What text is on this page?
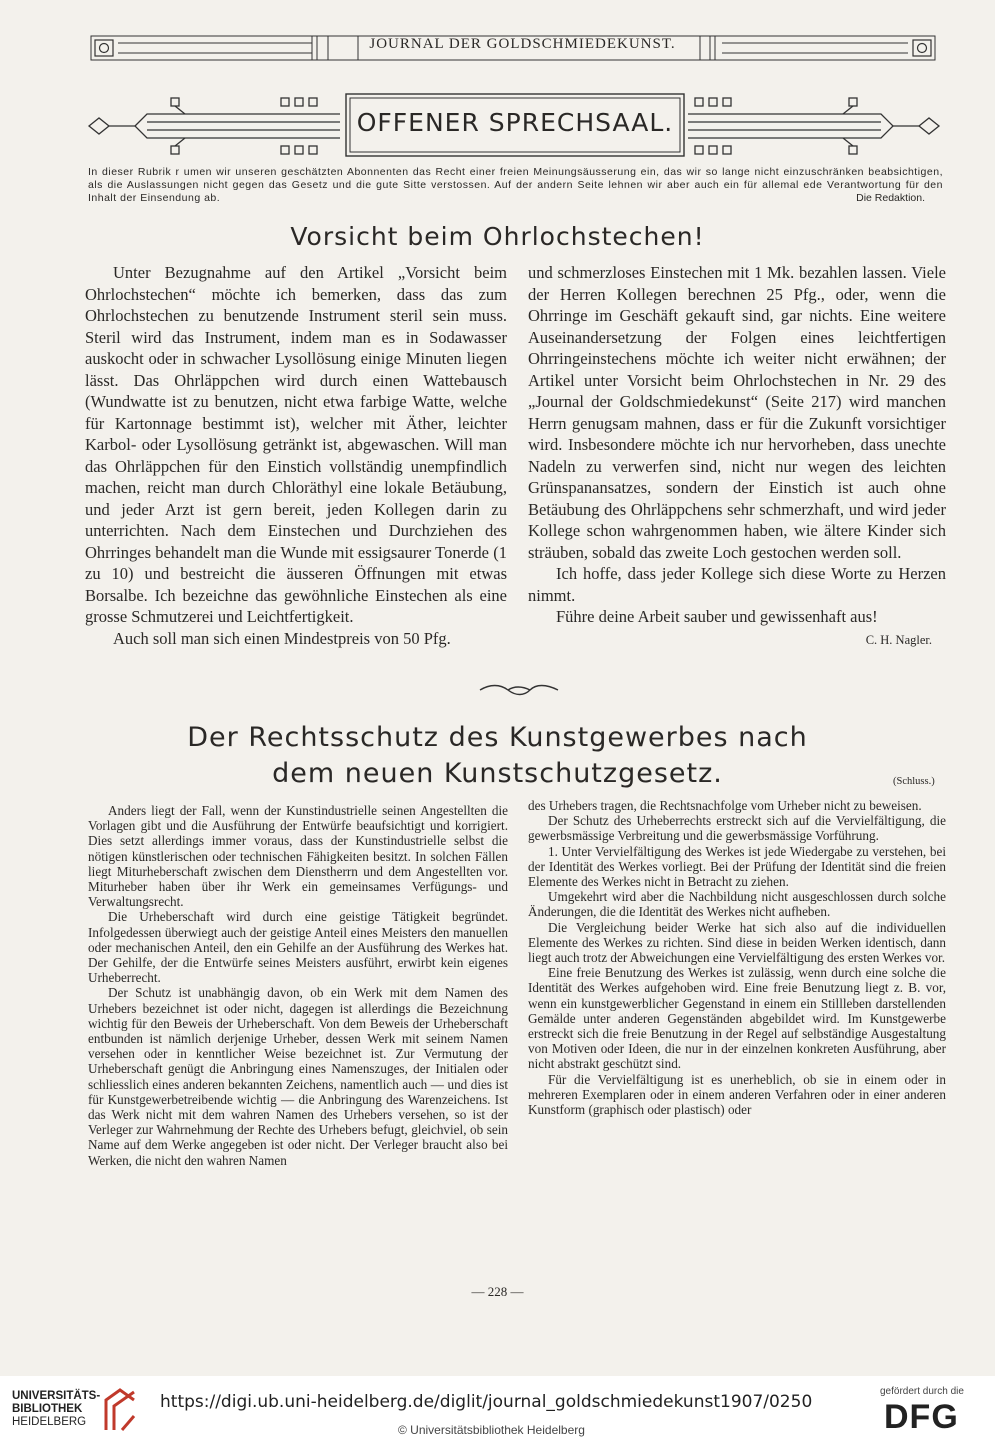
JOURNAL DER GOLDSCHMIEDEKUNST.
OFFENER SPRECHSAAL.
In dieser Rubrik r umen wir unseren geschätzten Abonnenten das Recht einer freien Meinungsäusserung ein, das wir so lange nicht einzuschränken beabsichtigen, als die Auslassungen nicht gegen das Gesetz und die gute Sitte verstossen. Auf der andern Seite lehnen wir aber auch ein für allemal ede Verantwortung für den Inhalt der Einsendung ab.	Die Redaktion.
Vorsicht beim Ohrlochstechen!

Unter Bezugnahme auf den Artikel „Vorsicht beim Ohrlochstechen“ möchte ich bemerken, dass das zum Ohrlochstechen zu benutzende Instrument steril sein muss. Steril wird das Instrument, indem man es in Sodawasser auskocht oder in schwacher Lysollösung einige Minuten liegen lässt. Das Ohrläppchen wird durch einen Wattebausch (Wundwatte ist zu benutzen, nicht etwa farbige Watte, welche für Kartonnage bestimmt ist), welcher mit Äther, leichter Karbol- oder Lysollösung getränkt ist, abgewaschen. Will man das Ohrläppchen für den Einstich vollständig unempfindlich machen, reicht man durch Chloräthyl eine lokale Betäubung, und jeder Arzt ist gern bereit, jeden Kollegen darin zu unterrichten. Nach dem Einstechen und Durchziehen des Ohrringes behandelt man die Wunde mit essigsaurer Tonerde (1 zu 10) und bestreicht die äusseren Öffnungen mit etwas Borsalbe. Ich bezeichne das gewöhnliche Einstechen als eine grosse Schmutzerei und Leichtfertigkeit.

Auch soll man sich einen Mindestpreis von 50 Pfg.

und schmerzloses Einstechen mit 1 Mk. bezahlen lassen. Viele der Herren Kollegen berechnen 25 Pfg., oder, wenn die Ohrringe im Geschäft gekauft sind, gar nichts. Eine weitere Auseinandersetzung der Folgen eines leichtfertigen Ohrringeinstechens möchte ich weiter nicht erwähnen; der Artikel unter Vorsicht beim Ohrlochstechen in Nr. 29 des „Journal der Goldschmiedekunst“ (Seite 217) wird manchen Herrn genugsam mahnen, dass er für die Zukunft vorsichtiger wird. Insbesondere möchte ich nur hervorheben, dass unechte Nadeln zu verwerfen sind, nicht nur wegen des leichten Grünspanansatzes, sondern der Einstich ist auch ohne Betäubung des Ohrläppchens sehr schmerzhaft, und wird jeder Kollege schon wahrgenommen haben, wie ältere Kinder sich sträuben, sobald das zweite Loch gestochen werden soll.

Ich hoffe, dass jeder Kollege sich diese Worte zu Herzen nimmt.

Führe deine Arbeit sauber und gewissenhaft aus!

C. H. Nagler.
Der Rechtsschutz des Kunstgewerbes nach
dem neuen Kunstschutzgesetz.	(Schluss.)

Anders liegt der Fall, wenn der Kunstindustrielle seinen Angestellten die Vorlagen gibt und die Ausführung der Entwürfe beaufsichtigt und korrigiert. Dies setzt allerdings immer voraus, dass der Kunstindustrielle selbst die nötigen künstlerischen oder technischen Fähigkeiten besitzt. In solchen Fällen liegt Miturheberschaft zwischen dem Dienstherrn und dem Angestellten vor. Miturheber haben über ihr Werk ein gemeinsames Verfügungs- und Verwaltungsrecht.

Die Urheberschaft wird durch eine geistige Tätigkeit begründet. Infolgedessen überwiegt auch der geistige Anteil eines Meisters den manuellen oder mechanischen Anteil, den ein Gehilfe an der Ausführung des Werkes hat. Der Gehilfe, der die Entwürfe seines Meisters ausführt, erwirbt kein eigenes Urheberrecht.

Der Schutz ist unabhängig davon, ob ein Werk mit dem Namen des Urhebers bezeichnet ist oder nicht, dagegen ist allerdings die Bezeichnung wichtig für den Beweis der Urheberschaft. Von dem Beweis der Urheberschaft entbunden ist nämlich derjenige Urheber, dessen Werk mit seinem Namen versehen oder in kenntlicher Weise bezeichnet ist. Zur Vermutung der Urheberschaft genügt die Anbringung eines Namenszuges, der Initialen oder schliesslich eines anderen bekannten Zeichens, namentlich auch — und dies ist für Kunstgewerbetreibende wichtig — die Anbringung des Warenzeichens. Ist das Werk nicht mit dem wahren Namen des Urhebers versehen, so ist der Verleger zur Wahrnehmung der Rechte des Urhebers befugt, gleichviel, ob sein Name auf dem Werke angegeben ist oder nicht. Der Verleger braucht also bei Werken, die nicht den wahren Namen

des Urhebers tragen, die Rechtsnachfolge vom Urheber nicht zu beweisen.

Der Schutz des Urheberrechts erstreckt sich auf die Vervielfältigung, die gewerbsmässige Verbreitung und die gewerbsmässige Vorführung.

1. Unter Vervielfältigung des Werkes ist jede Wiedergabe zu verstehen, bei der Identität des Werkes vorliegt. Bei der Prüfung der Identität sind die freien Elemente des Werkes nicht in Betracht zu ziehen.

Umgekehrt wird aber die Nachbildung nicht ausgeschlossen durch solche Änderungen, die die Identität des Werkes nicht aufheben.

Die Vergleichung beider Werke hat sich also auf die individuellen Elemente des Werkes zu richten. Sind diese in beiden Werken identisch, dann liegt auch trotz der Abweichungen eine Vervielfältigung des ersten Werkes vor.

Eine freie Benutzung des Werkes ist zulässig, wenn durch eine solche die Identität des Werkes aufgehoben wird. Eine freie Benutzung liegt z. B. vor, wenn ein kunstgewerblicher Gegenstand in einem ein Stillleben darstellenden Gemälde unter anderen Gegenständen abgebildet wird. Im Kunstgewerbe erstreckt sich die freie Benutzung in der Regel auf selbständige Ausgestaltung von Motiven oder Ideen, die nur in der einzelnen konkreten Ausführung, aber nicht abstrakt geschützt sind.

Für die Vervielfältigung ist es unerheblich, ob sie in einem oder in mehreren Exemplaren oder in einem anderen Verfahren oder in einer anderen Kunstform (graphisch oder plastisch) oder

— 228 —
UNIVERSITÄTS-
BIBLIOTHEK
HEIDELBERG
https://digi.ub.uni-heidelberg.de/diglit/journal_goldschmiedekunst1907/0250
© Universitätsbibliothek Heidelberg
gefördert durch die
DFG
